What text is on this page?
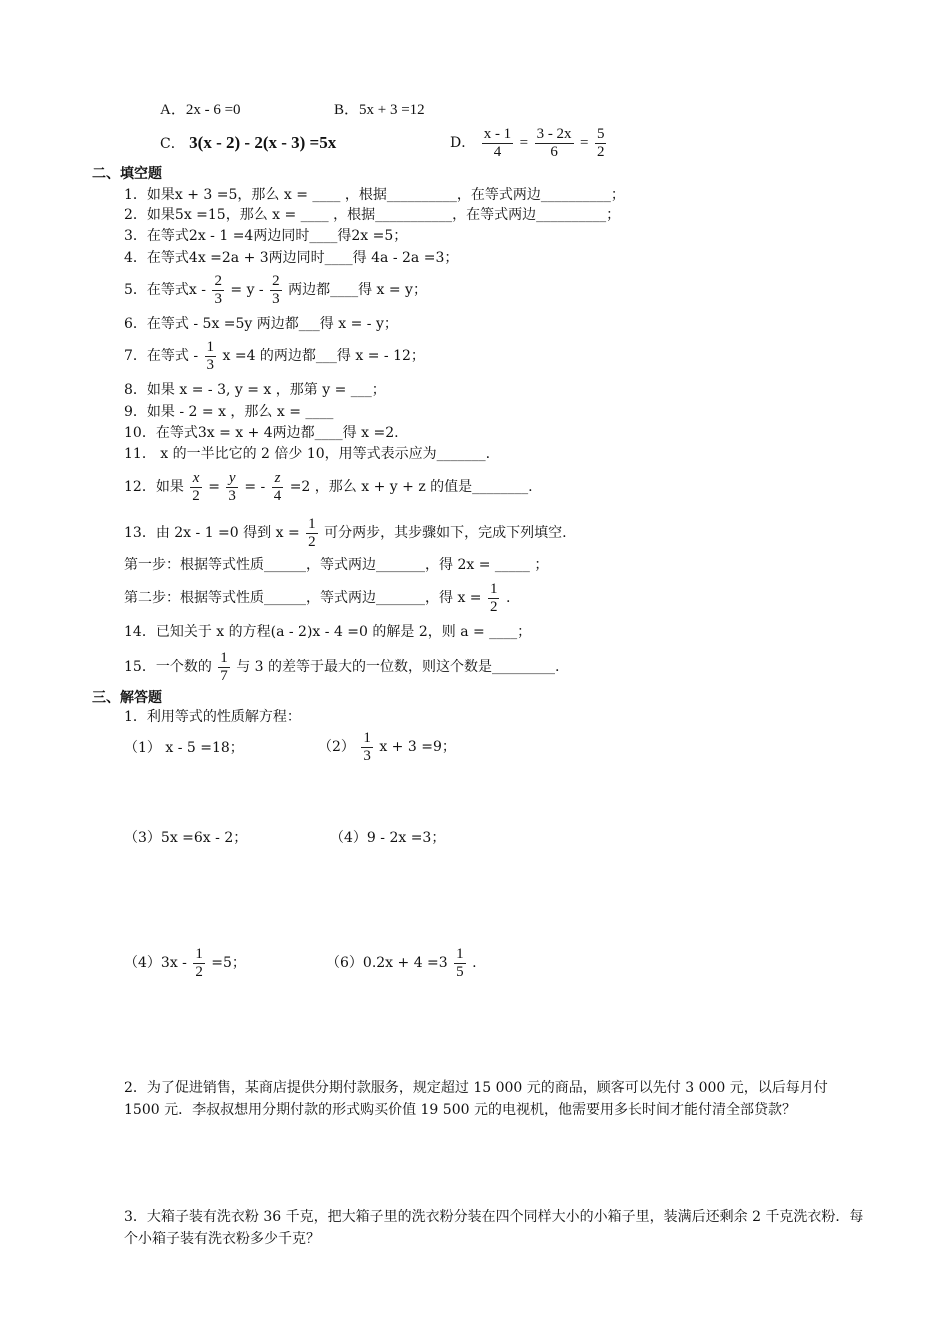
A．2x - 6 =0	B．5x + 3 =12
C． 3(x - 2) - 2(x - 3) =5x	D． $\frac{x - 1}{4} = \frac{3 - 2x}{6} = \frac{5}{2}$
二、填空题
1．如果x + 3 =5，那么 x = ____ ，根据__________，在等式两边__________；
2．如果5x =15，那么 x = ____ ，根据___________，在等式两边__________；
3．在等式2x - 1 =4两边同时____得2x =5；
4．在等式4x =2a + 3两边同时____得 4a - 2a =3；
5．在等式$x - \frac{2}{3} = y - \frac{2}{3}$ 两边都____得 x = y；
6．在等式 - 5x =5y 两边都___得 x = - y；
7．在等式 - $\frac{1}{3}$ x =4 的两边都___得 x = - 12；
8．如果 x = - 3, y = x ，那第 y = ___；
9．如果 - 2 = x ，那么 x = ____
10．在等式3x = x + 4两边都____得 x =2.
11． x 的一半比它的 2 倍少 10，用等式表示应为_______.
12．如果 $\frac{x}{2} = \frac{y}{3}$ = - $\frac{z}{4} =2$ ，那么 x + y + z 的值是________.
13．由 2x - 1 =0 得到 $x = \frac{1}{2}$ 可分两步，其步骤如下，完成下列填空.
第一步：根据等式性质______，等式两边_______，得 2x = _____ ；
第二步：根据等式性质______，等式两边_______，得 $x = \frac{1}{2}$ .
14．已知关于 x 的方程(a - 2)x - 4 =0 的解是 2，则 a = ____；
15．一个数的 $\frac{1}{7}$ 与 3 的差等于最大的一位数，则这个数是_________.
三、解答题
1．利用等式的性质解方程：
（1） x - 5 =18；	$(2) \frac{1}{3}$ x + 3 =9；
（3）5x =6x - 2；	（4）9 - 2x =3；
$(4)3x - \frac{1}{2} =5$；	$(6)0.2x + 4 =3 \frac{1}{5}$ .
2．为了促进销售，某商店提供分期付款服务，规定超过 15 000 元的商品，顾客可以先付 3 000 元，以后每月付 1500 元．李叔叔想用分期付款的形式购买价值 19 500 元的电视机，他需要用多长时间才能付清全部贷款？
3．大箱子装有洗衣粉 36 千克，把大箱子里的洗衣粉分装在四个同样大小的小箱子里，装满后还剩余 2 千克洗衣粉．每个小箱子装有洗衣粉多少千克？
